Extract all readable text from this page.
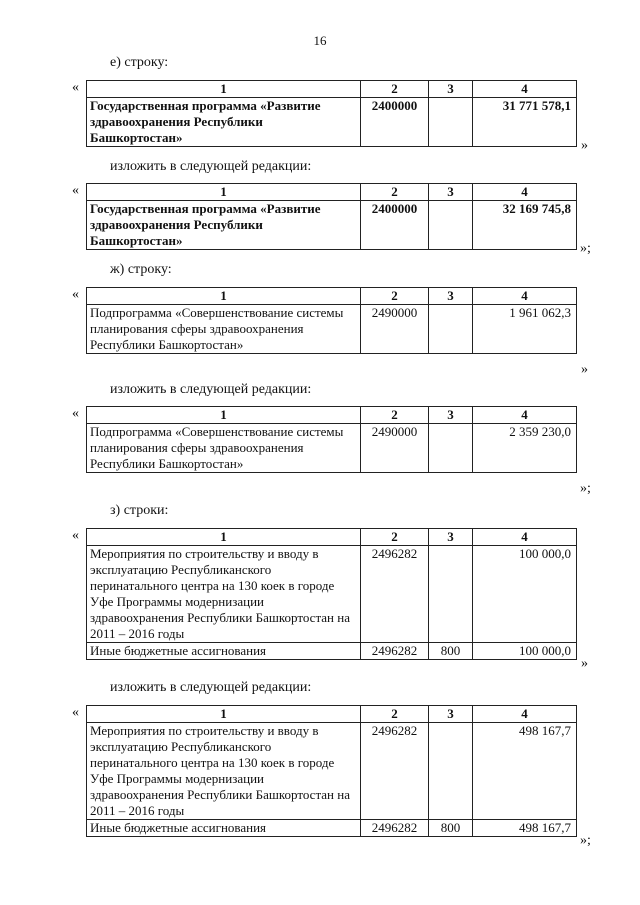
16
е) строку:
«	1	2	3	4
Государственная программа «Развитие здравоохранения Республики Башкортостан»	2400000		31 771 578,1
»
изложить в следующей редакции:
«	1	2	3	4
Государственная программа «Развитие здравоохранения Республики Башкортостан»	2400000		32 169 745,8
»;
ж) строку:
«	1	2	3	4
Подпрограмма «Совершенствование системы планирования сферы здравоохранения Республики Башкортостан»	2490000		1 961 062,3
»
изложить в следующей редакции:
«	1	2	3	4
Подпрограмма «Совершенствование системы планирования сферы здравоохранения Республики Башкортостан»	2490000		2 359 230,0
»;
з) строки:
«	1	2	3	4
Мероприятия по строительству и вводу в эксплуатацию Республиканского перинатального центра на 130 коек в городе Уфе Программы модернизации здравоохранения Республики Башкортостан на 2011 – 2016 годы	2496282		100 000,0
Иные бюджетные ассигнования	2496282	800	100 000,0
»
изложить в следующей редакции:
«	1	2	3	4
Мероприятия по строительству и вводу в эксплуатацию Республиканского перинатального центра на 130 коек в городе Уфе Программы модернизации здравоохранения Республики Башкортостан на 2011 – 2016 годы	2496282		498 167,7
Иные бюджетные ассигнования	2496282	800	498 167,7
»;
